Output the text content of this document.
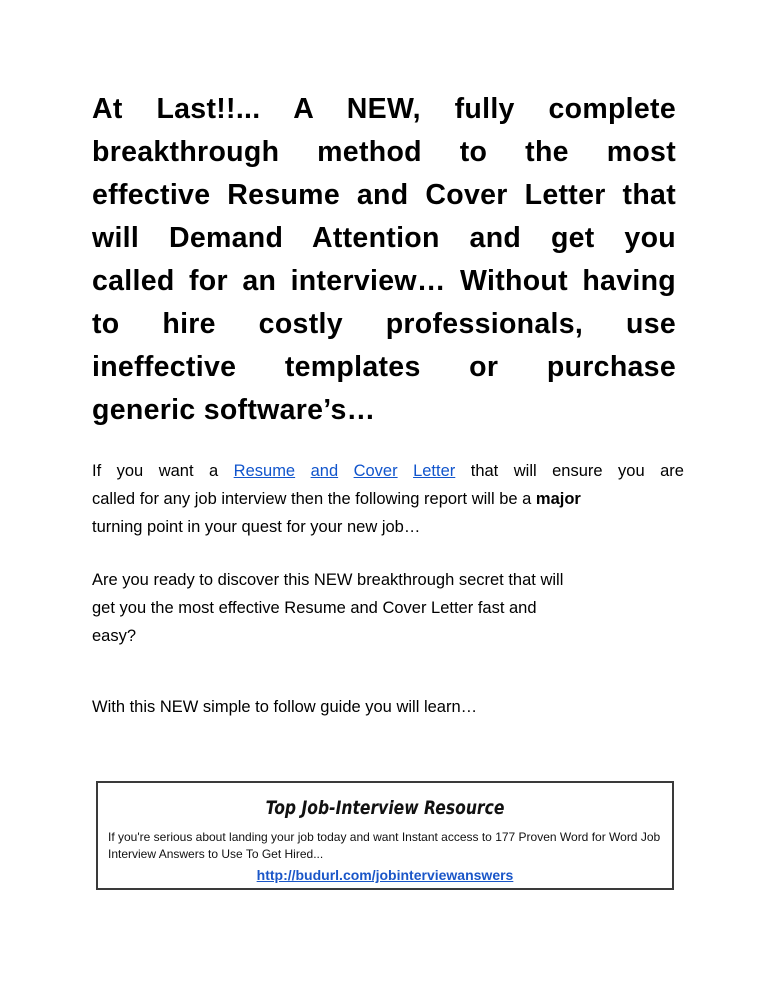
At Last!!... A NEW, fully complete
breakthrough method to the most
effective Resume and Cover Letter that
will Demand Attention and get you
called for an interview… Without having
to hire costly professionals, use
ineffective templates or purchase
generic software’s…

If you want a Resume and Cover Letter that will ensure you are
called for any job interview then the following report will be a major
turning point in your quest for your new job…

Are you ready to discover this NEW breakthrough secret that will
get you the most effective Resume and Cover Letter fast and
easy?

With this NEW simple to follow guide you will learn…

Top Job-Interview Resource
If you're serious about landing your job today and want Instant access to 177 Proven Word for Word Job Interview Answers to Use To Get Hired...
http://budurl.com/jobinterviewanswers
